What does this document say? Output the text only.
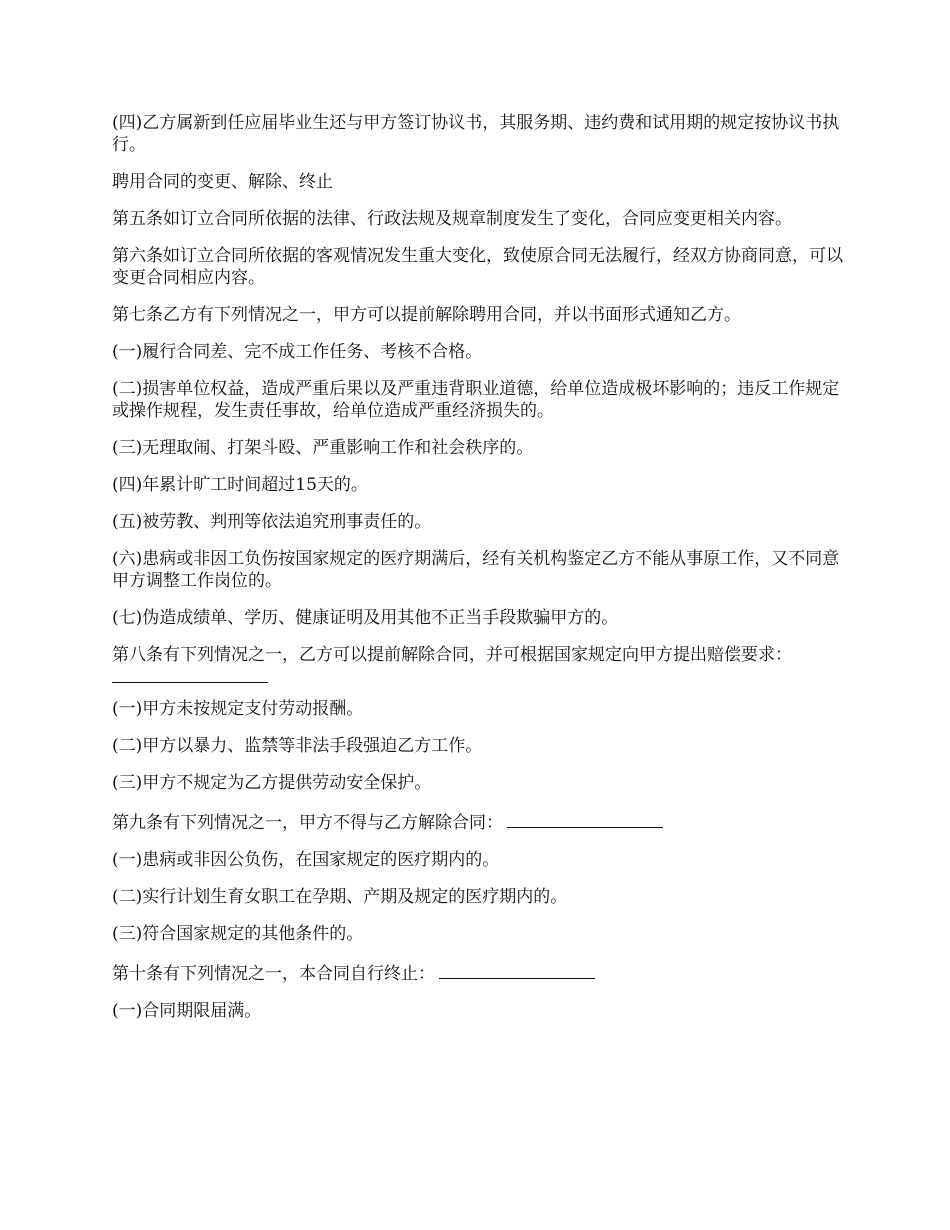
(四)乙方属新到任应届毕业生还与甲方签订协议书，其服务期、违约费和试用期的规定按协议书执行。

聘用合同的变更、解除、终止

第五条如订立合同所依据的法律、行政法规及规章制度发生了变化，合同应变更相关内容。

第六条如订立合同所依据的客观情况发生重大变化，致使原合同无法履行，经双方协商同意，可以变更合同相应内容。

第七条乙方有下列情况之一，甲方可以提前解除聘用合同，并以书面形式通知乙方。

(一)履行合同差、完不成工作任务、考核不合格。

(二)损害单位权益，造成严重后果以及严重违背职业道德，给单位造成极坏影响的；违反工作规定或操作规程，发生责任事故，给单位造成严重经济损失的。

(三)无理取闹、打架斗殴、严重影响工作和社会秩序的。

(四)年累计旷工时间超过15天的。

(五)被劳教、判刑等依法追究刑事责任的。

(六)患病或非因工负伤按国家规定的医疗期满后，经有关机构鉴定乙方不能从事原工作，又不同意甲方调整工作岗位的。

(七)伪造成绩单、学历、健康证明及用其他不正当手段欺骗甲方的。

第八条有下列情况之一，乙方可以提前解除合同，并可根据国家规定向甲方提出赔偿要求：

(一)甲方未按规定支付劳动报酬。

(二)甲方以暴力、监禁等非法手段强迫乙方工作。

(三)甲方不规定为乙方提供劳动安全保护。

第九条有下列情况之一，甲方不得与乙方解除合同：

(一)患病或非因公负伤，在国家规定的医疗期内的。

(二)实行计划生育女职工在孕期、产期及规定的医疗期内的。

(三)符合国家规定的其他条件的。

第十条有下列情况之一，本合同自行终止：

(一)合同期限届满。
